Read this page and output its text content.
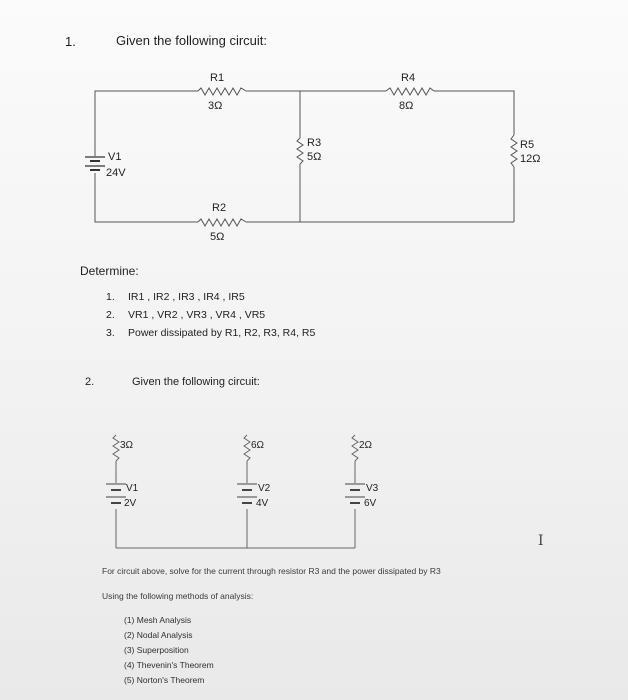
1.	Given the following circuit:
R1
3Ω
R4
8Ω
R3
5Ω
R5
12Ω
V1
24V
R2
5Ω
3Ω	6Ω	2Ω
V1
2V
V2
4V
V3
6V
Determine:
1. IR1 , IR2 , IR3 , IR4 , IR5
2. VR1 , VR2 , VR3 , VR4 , VR5
3. Power dissipated by R1, R2, R3, R4, R5
2.	Given the following circuit:
I
For circuit above, solve for the current through resistor R3 and the power dissipated by R3
Using the following methods of analysis:
(1) Mesh Analysis
(2) Nodal Analysis
(3) Superposition
(4) Thevenin's Theorem
(5) Norton's Theorem
